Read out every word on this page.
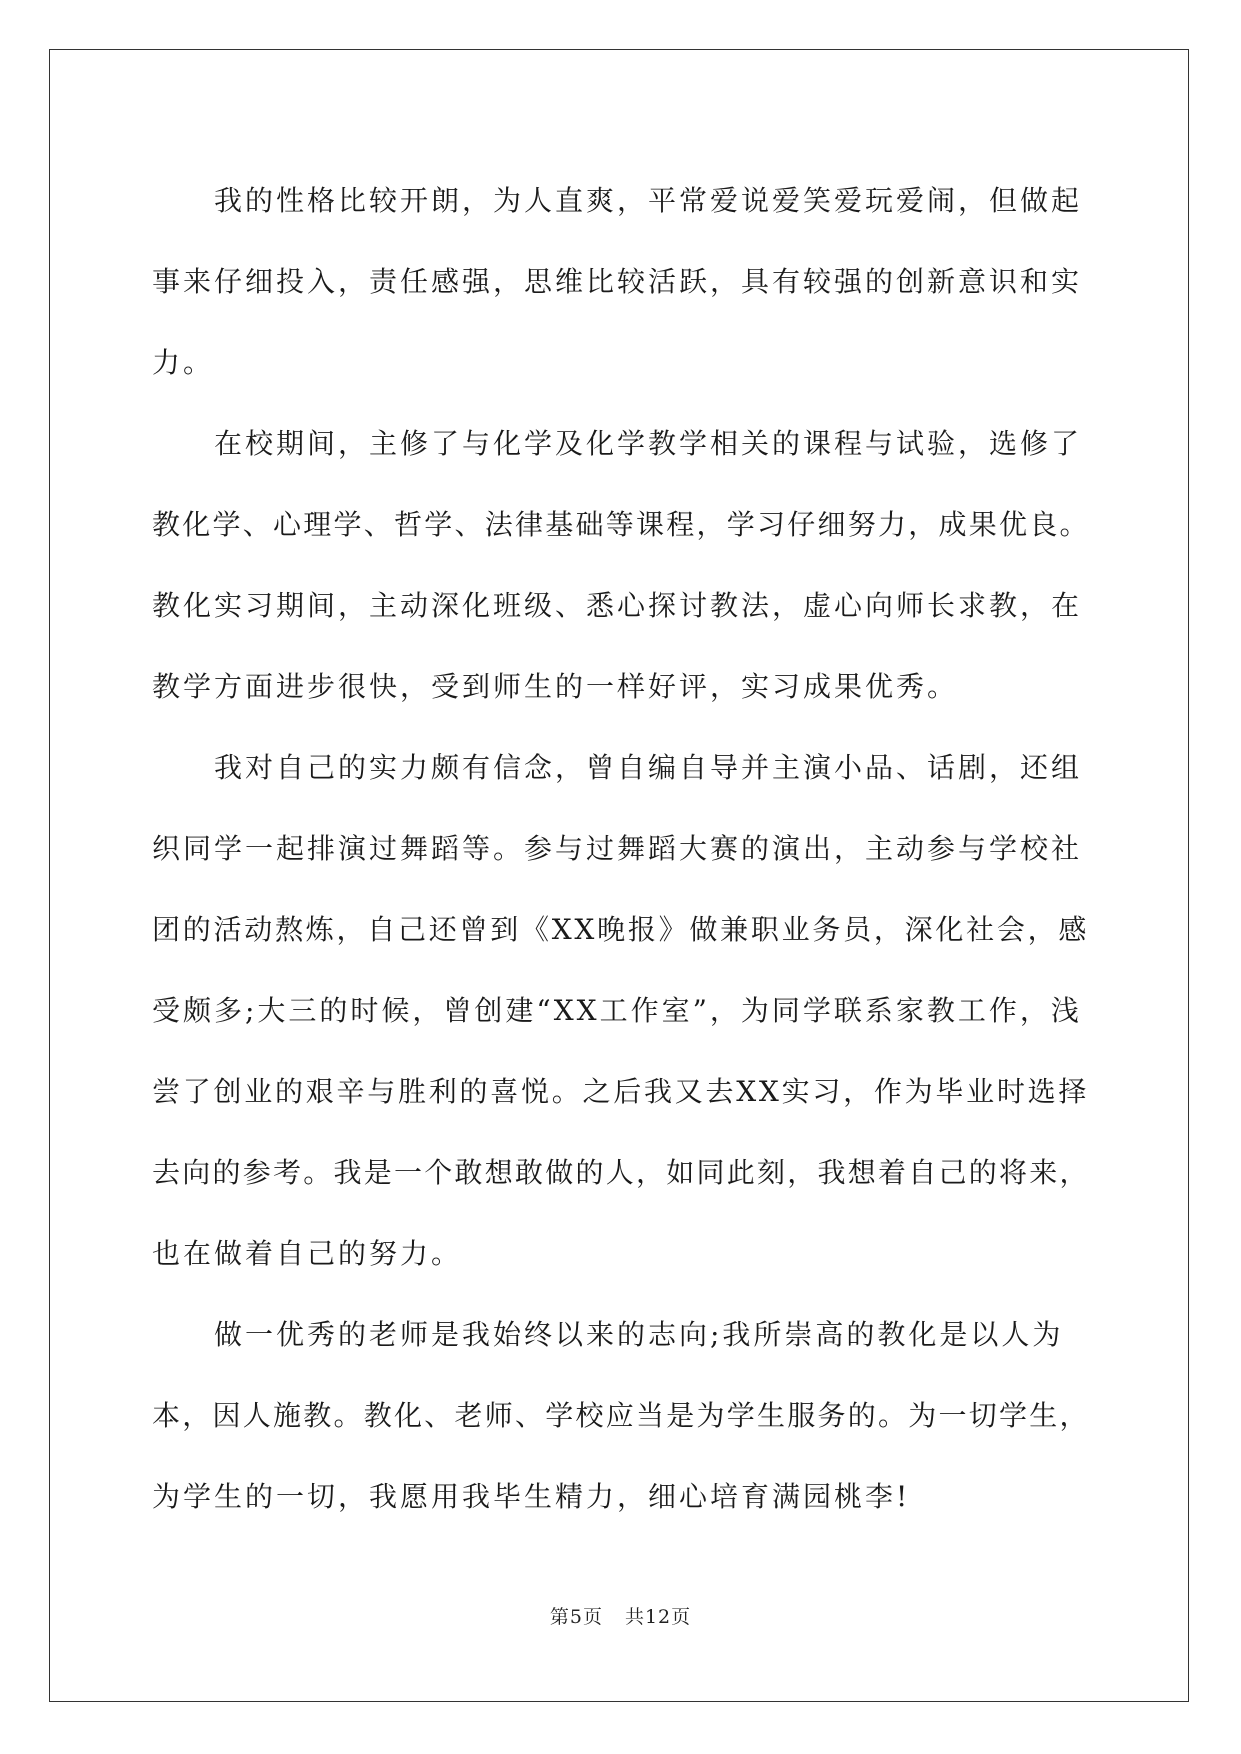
我的性格比较开朗，为人直爽，平常爱说爱笑爱玩爱闹，但做起
事来仔细投入，责任感强，思维比较活跃，具有较强的创新意识和实
力。
在校期间，主修了与化学及化学教学相关的课程与试验，选修了
教化学、心理学、哲学、法律基础等课程，学习仔细努力，成果优良。
教化实习期间，主动深化班级、悉心探讨教法，虚心向师长求教，在
教学方面进步很快，受到师生的一样好评，实习成果优秀。
我对自己的实力颇有信念，曾自编自导并主演小品、话剧，还组
织同学一起排演过舞蹈等。参与过舞蹈大赛的演出，主动参与学校社
团的活动熬炼，自己还曾到《XX晚报》做兼职业务员，深化社会，感
受颇多;大三的时候，曾创建“XX工作室”，为同学联系家教工作，浅
尝了创业的艰辛与胜利的喜悦。之后我又去XX实习，作为毕业时选择
去向的参考。我是一个敢想敢做的人，如同此刻，我想着自己的将来，
也在做着自己的努力。
做一优秀的老师是我始终以来的志向;我所崇高的教化是以人为
本，因人施教。教化、老师、学校应当是为学生服务的。为一切学生，
为学生的一切，我愿用我毕生精力，细心培育满园桃李!
第5页 共12页
